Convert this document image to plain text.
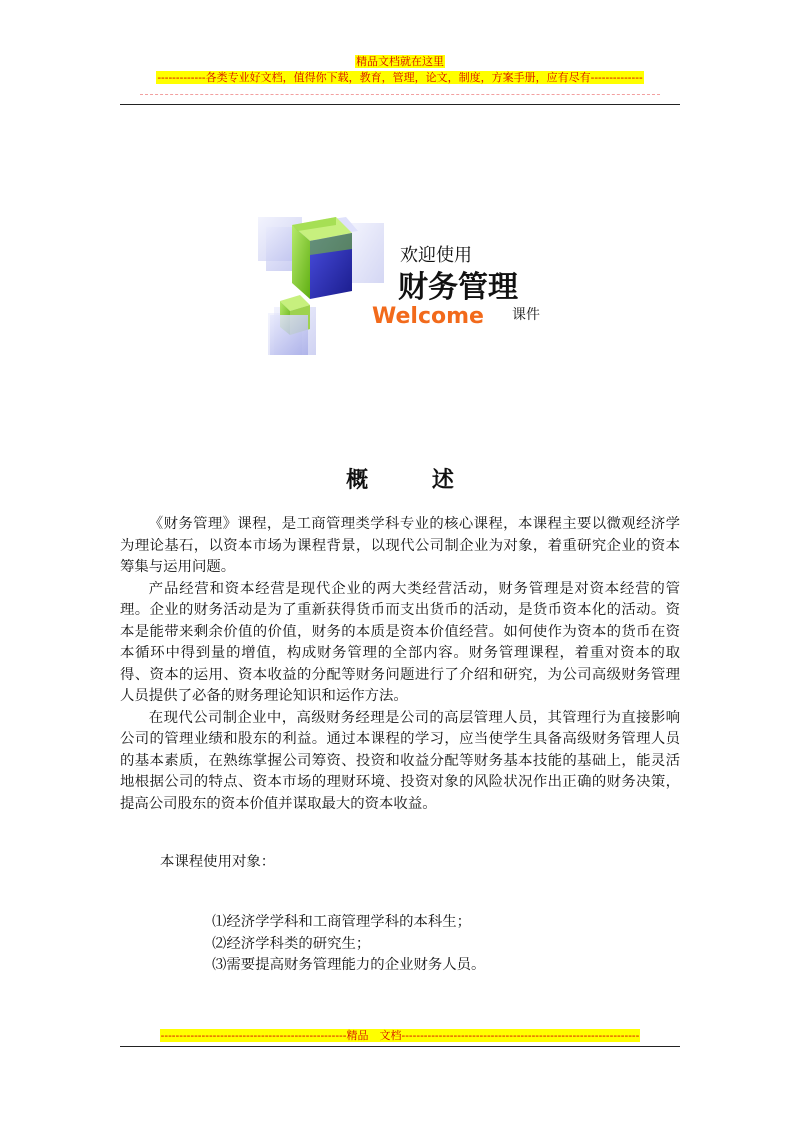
精品文档就在这里
-------------各类专业好文档，值得你下载，教育，管理，论文，制度，方案手册，应有尽有--------------
欢迎使用
财务管理
Welcome 课件
概 述

《财务管理》课程，是工商管理类学科专业的核心课程，本课程主要以微观经济学为理论基石，以资本市场为课程背景，以现代公司制企业为对象，着重研究企业的资本筹集与运用问题。

产品经营和资本经营是现代企业的两大类经营活动，财务管理是对资本经营的管理。企业的财务活动是为了重新获得货币而支出货币的活动，是货币资本化的活动。资本是能带来剩余价值的价值，财务的本质是资本价值经营。如何使作为资本的货币在资本循环中得到量的增值，构成财务管理的全部内容。财务管理课程，着重对资本的取得、资本的运用、资本收益的分配等财务问题进行了介绍和研究，为公司高级财务管理人员提供了必备的财务理论知识和运作方法。

在现代公司制企业中，高级财务经理是公司的高层管理人员，其管理行为直接影响公司的管理业绩和股东的利益。通过本课程的学习，应当使学生具备高级财务管理人员的基本素质，在熟练掌握公司筹资、投资和收益分配等财务基本技能的基础上，能灵活地根据公司的特点、资本市场的理财环境、投资对象的风险状况作出正确的财务决策，提高公司股东的资本价值并谋取最大的资本收益。

本课程使用对象：
⑴经济学学科和工商管理学科的本科生；
⑵经济学科类的研究生；
⑶需要提高财务管理能力的企业财务人员。
--------------------------------------------------精品　文档----------------------------------------------------------------
